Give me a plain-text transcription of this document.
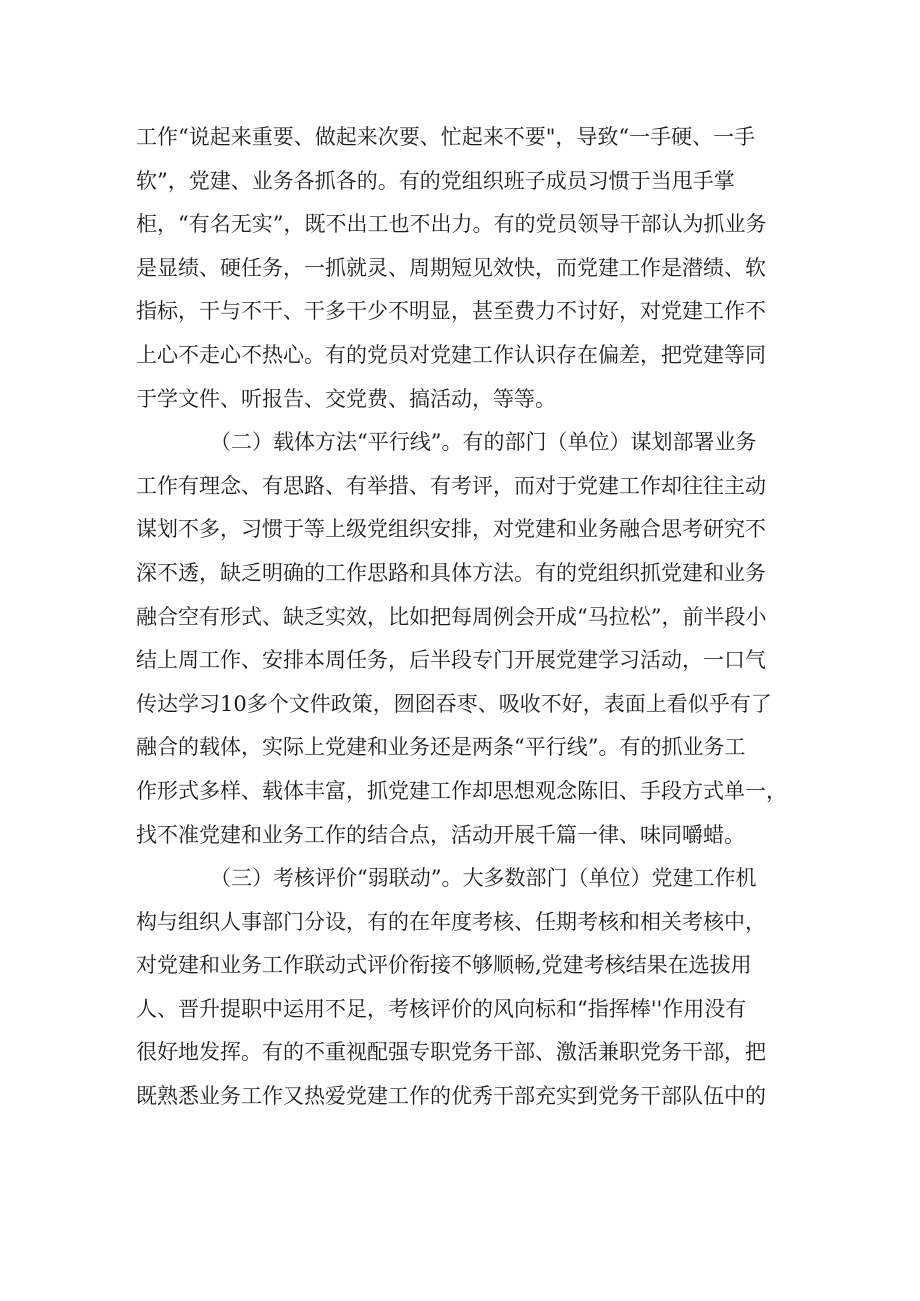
工作“说起来重要、做起来次要、忙起来不要"，导致“一手硬、一手
软”，党建、业务各抓各的。有的党组织班子成员习惯于当甩手掌
柜，“有名无实”，既不出工也不出力。有的党员领导干部认为抓业务
是显绩、硬任务，一抓就灵、周期短见效快，而党建工作是潜绩、软
指标，干与不干、干多干少不明显，甚至费力不讨好，对党建工作不
上心不走心不热心。有的党员对党建工作认识存在偏差，把党建等同
于学文件、听报告、交党费、搞活动，等等。
（二）载体方法“平行线”。有的部门（单位）谋划部署业务
工作有理念、有思路、有举措、有考评，而对于党建工作却往往主动
谋划不多，习惯于等上级党组织安排，对党建和业务融合思考研究不
深不透，缺乏明确的工作思路和具体方法。有的党组织抓党建和业务
融合空有形式、缺乏实效，比如把每周例会开成“马拉松”，前半段小
结上周工作、安排本周任务，后半段专门开展党建学习活动，一口气
传达学习10多个文件政策，囫囵吞枣、吸收不好，表面上看似乎有了
融合的载体，实际上党建和业务还是两条“平行线”。有的抓业务工
作形式多样、载体丰富，抓党建工作却思想观念陈旧、手段方式单一，
找不准党建和业务工作的结合点，活动开展千篇一律、味同嚼蜡。
（三）考核评价“弱联动”。大多数部门（单位）党建工作机
构与组织人事部门分设，有的在年度考核、任期考核和相关考核中，
对党建和业务工作联动式评价衔接不够顺畅,党建考核结果在选拔用
人、晋升提职中运用不足，考核评价的风向标和“指挥棒''作用没有
很好地发挥。有的不重视配强专职党务干部、激活兼职党务干部，把
既熟悉业务工作又热爱党建工作的优秀干部充实到党务干部队伍中的
